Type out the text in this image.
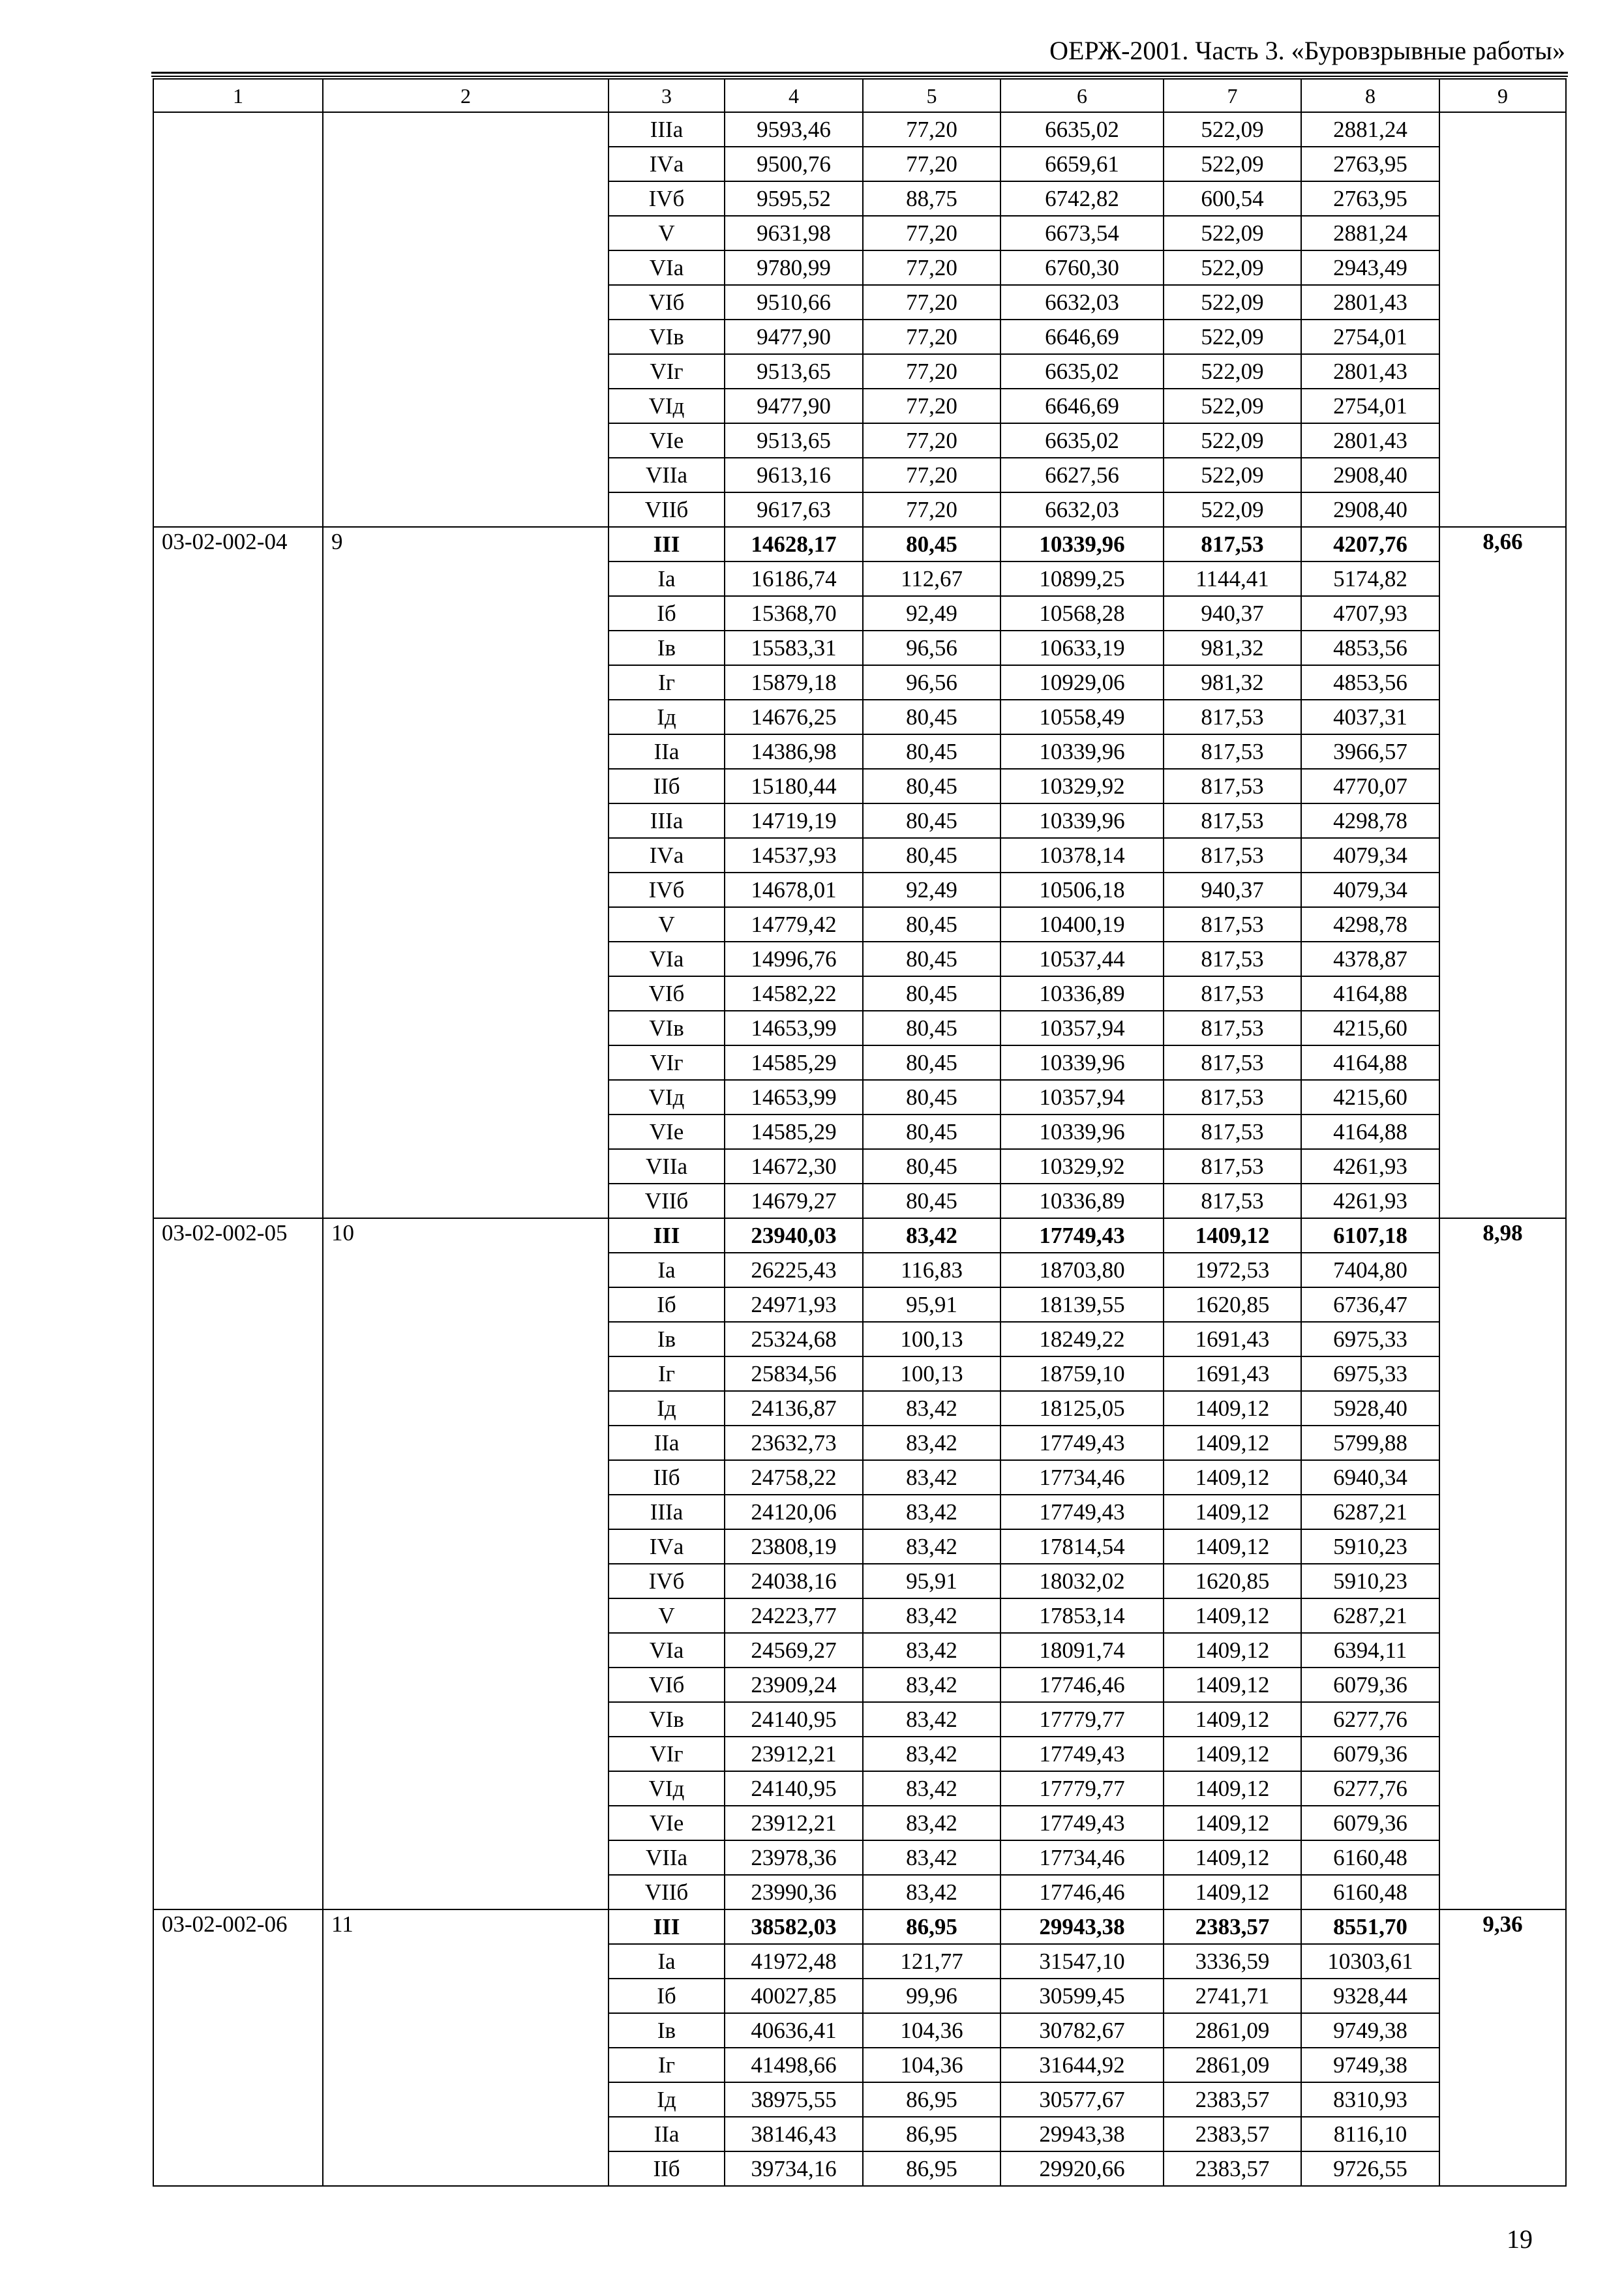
ОЕРЖ-2001. Часть 3. «Буровзрывные работы»
1	2	3	4	5	6	7	8	9
		IIIа	9593,46	77,20	6635,02	522,09	2881,24	
		IVа	9500,76	77,20	6659,61	522,09	2763,95	
		IVб	9595,52	88,75	6742,82	600,54	2763,95	
		V	9631,98	77,20	6673,54	522,09	2881,24	
		VIа	9780,99	77,20	6760,30	522,09	2943,49	
		VIб	9510,66	77,20	6632,03	522,09	2801,43	
		VIв	9477,90	77,20	6646,69	522,09	2754,01	
		VIг	9513,65	77,20	6635,02	522,09	2801,43	
		VIд	9477,90	77,20	6646,69	522,09	2754,01	
		VIе	9513,65	77,20	6635,02	522,09	2801,43	
		VIIа	9613,16	77,20	6627,56	522,09	2908,40	
		VIIб	9617,63	77,20	6632,03	522,09	2908,40	
03-02-002-04	9	III	14628,17	80,45	10339,96	817,53	4207,76	8,66
		Iа	16186,74	112,67	10899,25	1144,41	5174,82	
		Iб	15368,70	92,49	10568,28	940,37	4707,93	
		Iв	15583,31	96,56	10633,19	981,32	4853,56	
		Iг	15879,18	96,56	10929,06	981,32	4853,56	
		Iд	14676,25	80,45	10558,49	817,53	4037,31	
		IIа	14386,98	80,45	10339,96	817,53	3966,57	
		IIб	15180,44	80,45	10329,92	817,53	4770,07	
		IIIа	14719,19	80,45	10339,96	817,53	4298,78	
		IVа	14537,93	80,45	10378,14	817,53	4079,34	
		IVб	14678,01	92,49	10506,18	940,37	4079,34	
		V	14779,42	80,45	10400,19	817,53	4298,78	
		VIа	14996,76	80,45	10537,44	817,53	4378,87	
		VIб	14582,22	80,45	10336,89	817,53	4164,88	
		VIв	14653,99	80,45	10357,94	817,53	4215,60	
		VIг	14585,29	80,45	10339,96	817,53	4164,88	
		VIд	14653,99	80,45	10357,94	817,53	4215,60	
		VIе	14585,29	80,45	10339,96	817,53	4164,88	
		VIIа	14672,30	80,45	10329,92	817,53	4261,93	
		VIIб	14679,27	80,45	10336,89	817,53	4261,93	
03-02-002-05	10	III	23940,03	83,42	17749,43	1409,12	6107,18	8,98
		Iа	26225,43	116,83	18703,80	1972,53	7404,80	
		Iб	24971,93	95,91	18139,55	1620,85	6736,47	
		Iв	25324,68	100,13	18249,22	1691,43	6975,33	
		Iг	25834,56	100,13	18759,10	1691,43	6975,33	
		Iд	24136,87	83,42	18125,05	1409,12	5928,40	
		IIа	23632,73	83,42	17749,43	1409,12	5799,88	
		IIб	24758,22	83,42	17734,46	1409,12	6940,34	
		IIIа	24120,06	83,42	17749,43	1409,12	6287,21	
		IVа	23808,19	83,42	17814,54	1409,12	5910,23	
		IVб	24038,16	95,91	18032,02	1620,85	5910,23	
		V	24223,77	83,42	17853,14	1409,12	6287,21	
		VIа	24569,27	83,42	18091,74	1409,12	6394,11	
		VIб	23909,24	83,42	17746,46	1409,12	6079,36	
		VIв	24140,95	83,42	17779,77	1409,12	6277,76	
		VIг	23912,21	83,42	17749,43	1409,12	6079,36	
		VIд	24140,95	83,42	17779,77	1409,12	6277,76	
		VIе	23912,21	83,42	17749,43	1409,12	6079,36	
		VIIа	23978,36	83,42	17734,46	1409,12	6160,48	
		VIIб	23990,36	83,42	17746,46	1409,12	6160,48	
03-02-002-06	11	III	38582,03	86,95	29943,38	2383,57	8551,70	9,36
		Iа	41972,48	121,77	31547,10	3336,59	10303,61	
		Iб	40027,85	99,96	30599,45	2741,71	9328,44	
		Iв	40636,41	104,36	30782,67	2861,09	9749,38	
		Iг	41498,66	104,36	31644,92	2861,09	9749,38	
		Iд	38975,55	86,95	30577,67	2383,57	8310,93	
		IIа	38146,43	86,95	29943,38	2383,57	8116,10	
		IIб	39734,16	86,95	29920,66	2383,57	9726,55	
19
